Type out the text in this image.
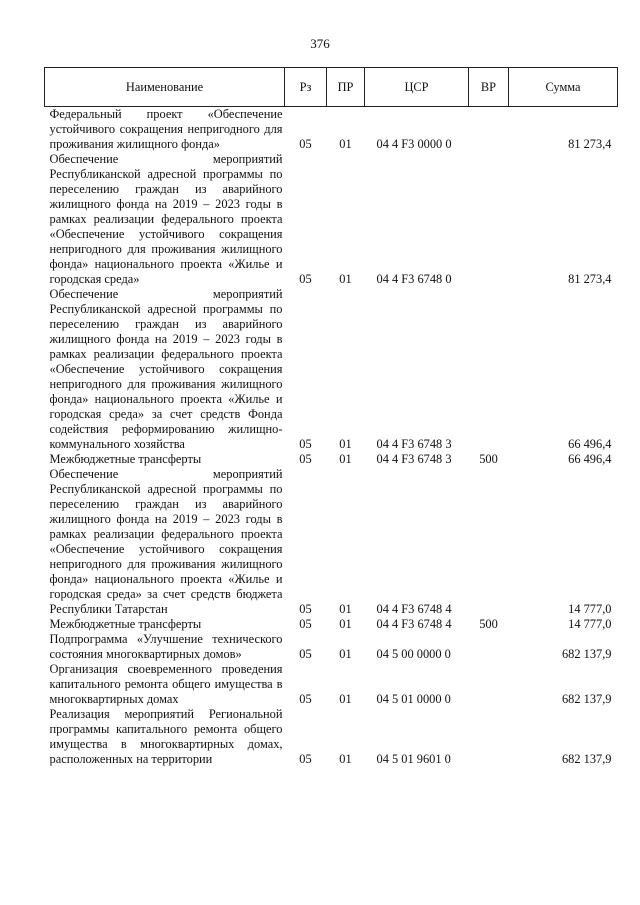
376
Наименование	Рз	ПР	ЦСР	ВР	Сумма
Федеральный проект «Обеспечение устойчивого сокращения непригодного для проживания жилищного фонда»	05	01	04 4 F3 0000 0		81 273,4
Обеспечение мероприятий Республиканской адресной программы по переселению граждан из аварийного жилищного фонда на 2019 – 2023 годы в рамках реализации федерального проекта «Обеспечение устойчивого сокращения непригодного для проживания жилищного фонда» национального проекта «Жилье и городская среда»	05	01	04 4 F3 6748 0		81 273,4
Обеспечение мероприятий Республиканской адресной программы по переселению граждан из аварийного жилищного фонда на 2019 – 2023 годы в рамках реализации федерального проекта «Обеспечение устойчивого сокращения непригодного для проживания жилищного фонда» национального проекта «Жилье и городская среда» за счет средств Фонда содействия реформированию жилищно-коммунального хозяйства	05	01	04 4 F3 6748 3		66 496,4
Межбюджетные трансферты	05	01	04 4 F3 6748 3	500	66 496,4
Обеспечение мероприятий Республиканской адресной программы по переселению граждан из аварийного жилищного фонда на 2019 – 2023 годы в рамках реализации федерального проекта «Обеспечение устойчивого сокращения непригодного для проживания жилищного фонда» национального проекта «Жилье и городская среда» за счет средств бюджета Республики Татарстан	05	01	04 4 F3 6748 4		14 777,0
Межбюджетные трансферты	05	01	04 4 F3 6748 4	500	14 777,0
Подпрограмма «Улучшение технического состояния многоквартирных домов»	05	01	04 5 00 0000 0		682 137,9
Организация своевременного проведения капитального ремонта общего имущества в многоквартирных домах	05	01	04 5 01 0000 0		682 137,9
Реализация мероприятий Региональной программы капитального ремонта общего имущества в многоквартирных домах, расположенных на территории	05	01	04 5 01 9601 0		682 137,9
